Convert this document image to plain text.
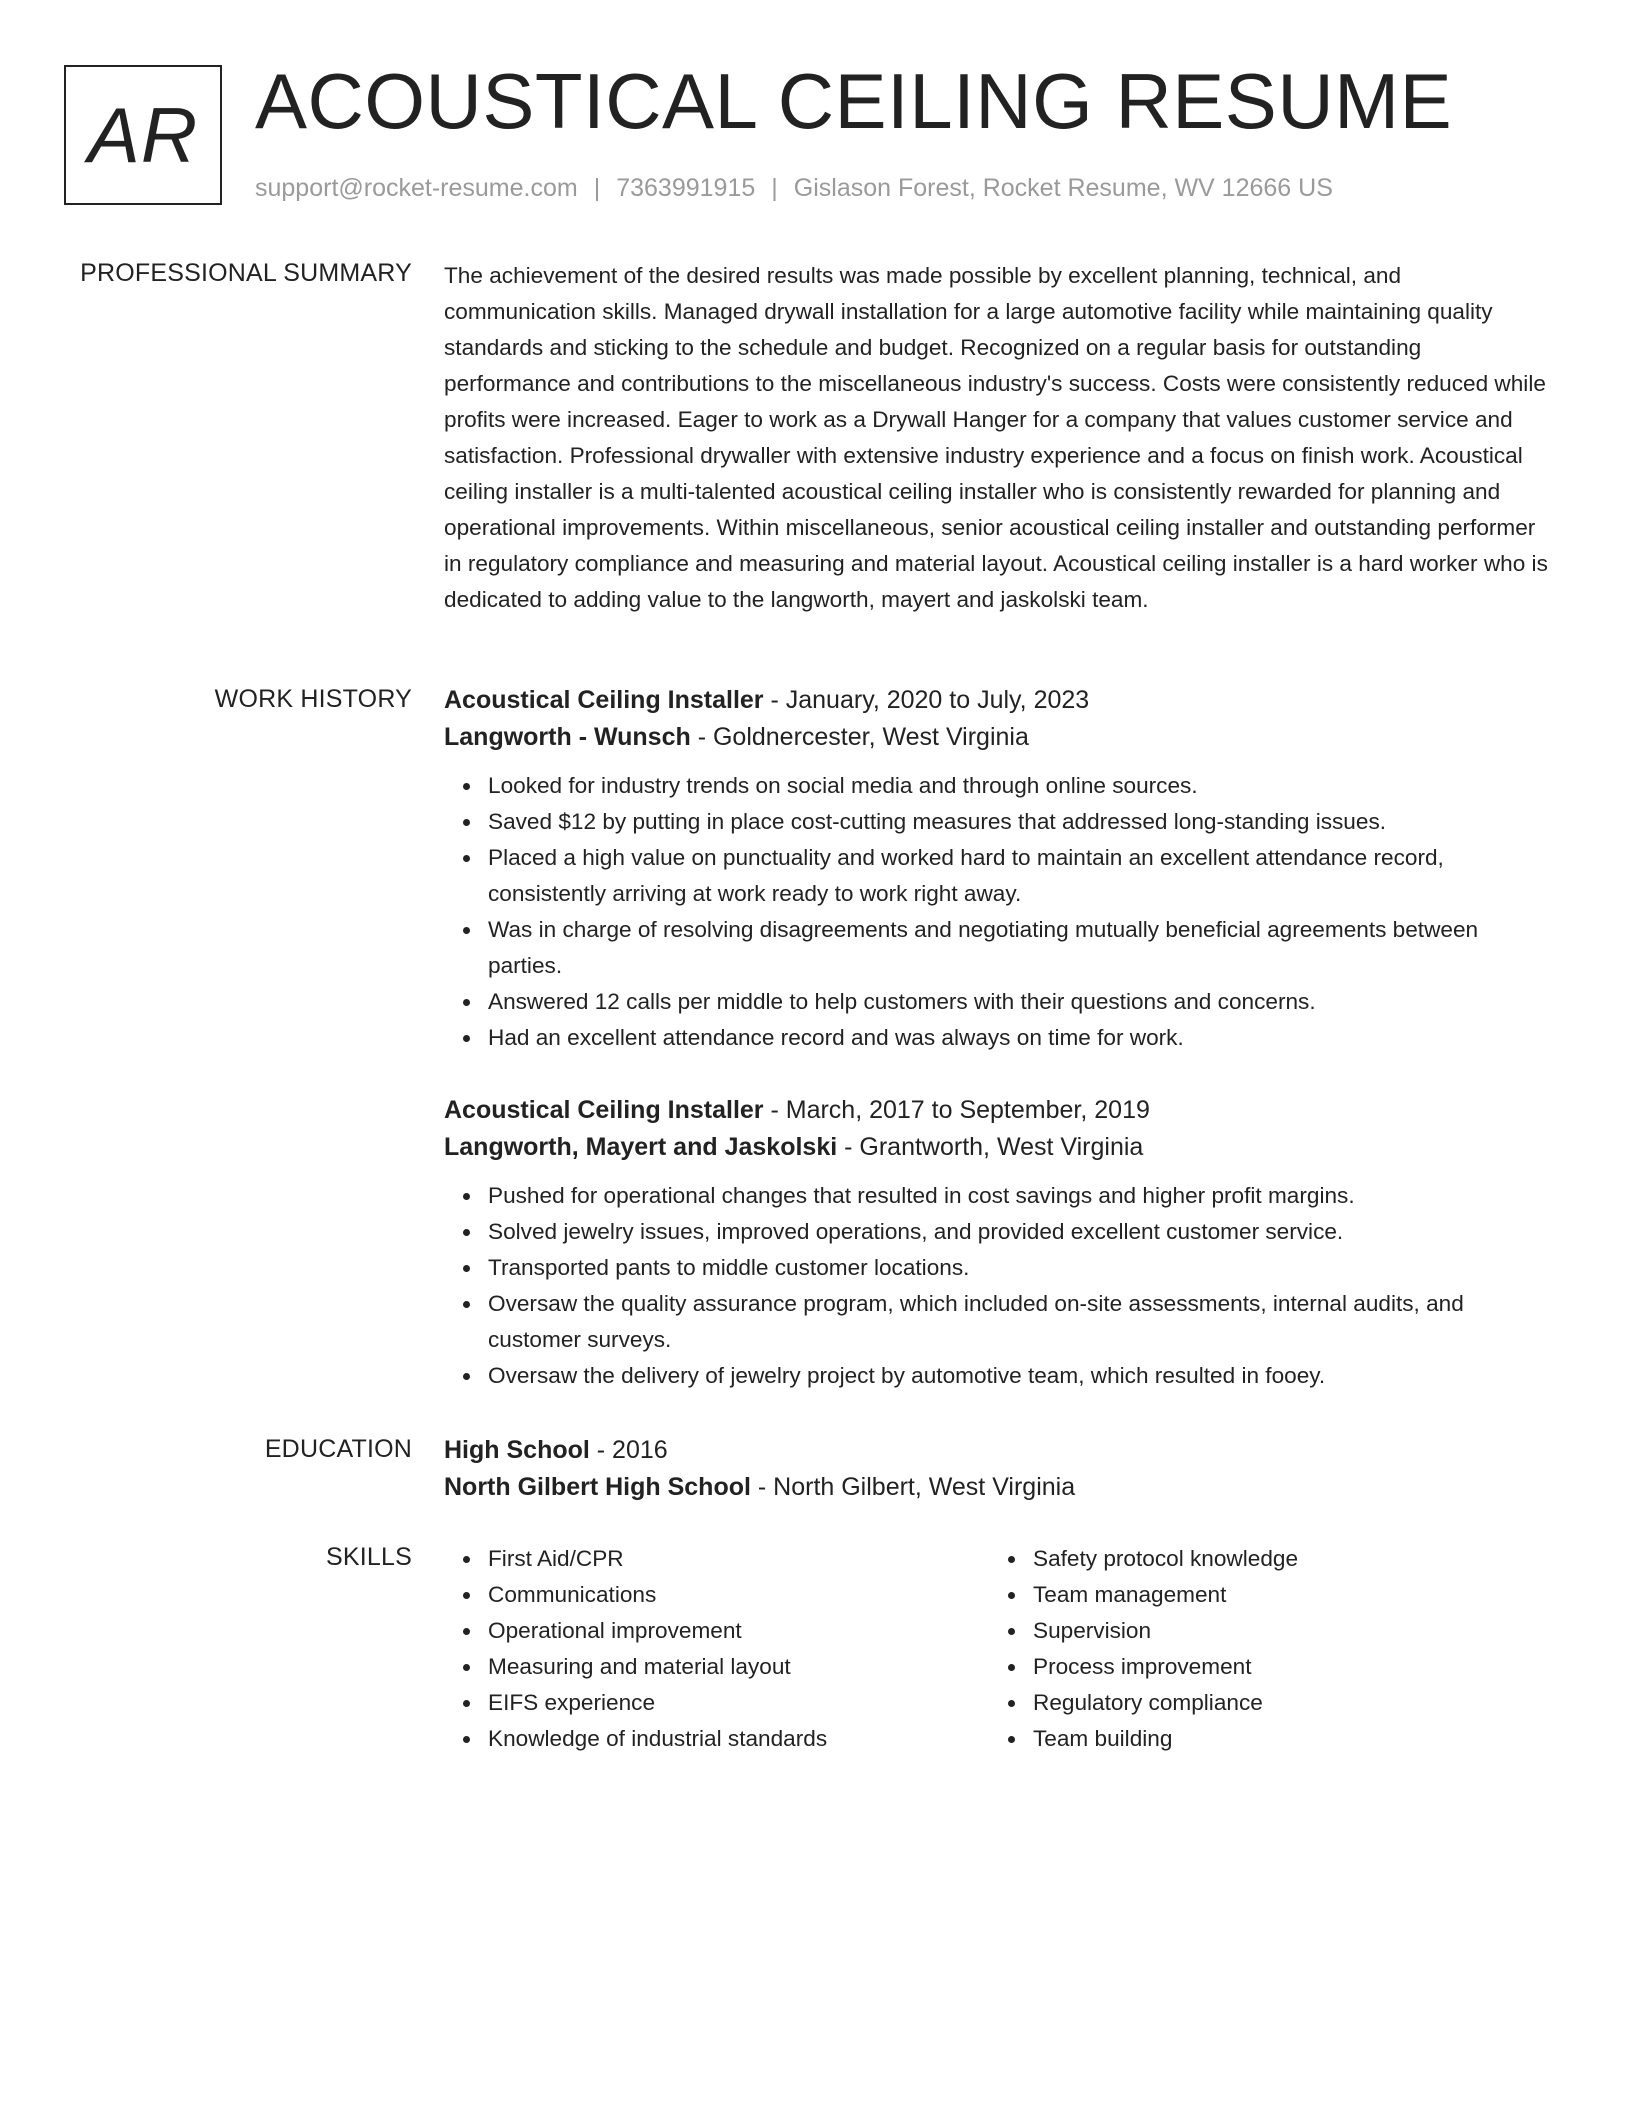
AR ACOUSTICAL CEILING RESUME
support@rocket-resume.com | 7363991915 | Gislason Forest, Rocket Resume, WV 12666 US
PROFESSIONAL SUMMARY The achievement of the desired results was made possible by excellent planning, technical, and communication skills. Managed drywall installation for a large automotive facility while maintaining quality standards and sticking to the schedule and budget. Recognized on a regular basis for outstanding performance and contributions to the miscellaneous industry's success. Costs were consistently reduced while profits were increased. Eager to work as a Drywall Hanger for a company that values customer service and satisfaction. Professional drywaller with extensive industry experience and a focus on finish work. Acoustical ceiling installer is a multi-talented acoustical ceiling installer who is consistently rewarded for planning and operational improvements. Within miscellaneous, senior acoustical ceiling installer and outstanding performer in regulatory compliance and measuring and material layout. Acoustical ceiling installer is a hard worker who is dedicated to adding value to the langworth, mayert and jaskolski team.

WORK HISTORY Acoustical Ceiling Installer - January, 2020 to July, 2023

Langworth - Wunsch - Goldnercester, West Virginia

Looked for industry trends on social media and through online sources.
Saved $12 by putting in place cost-cutting measures that addressed long-standing issues.
Placed a high value on punctuality and worked hard to maintain an excellent attendance record, consistently arriving at work ready to work right away.
Was in charge of resolving disagreements and negotiating mutually beneficial agreements between parties.
Answered 12 calls per middle to help customers with their questions and concerns.
Had an excellent attendance record and was always on time for work.

Acoustical Ceiling Installer - March, 2017 to September, 2019

Langworth, Mayert and Jaskolski - Grantworth, West Virginia

Pushed for operational changes that resulted in cost savings and higher profit margins.
Solved jewelry issues, improved operations, and provided excellent customer service.
Transported pants to middle customer locations.
Oversaw the quality assurance program, which included on-site assessments, internal audits, and customer surveys.
Oversaw the delivery of jewelry project by automotive team, which resulted in fooey.
EDUCATION High School - 2016

North Gilbert High School - North Gilbert, West Virginia

SKILLS	First Aid/CPR
Communications
Operational improvement
Measuring and material layout
EIFS experience
Knowledge of industrial standards
Safety protocol knowledge
Team management
Supervision
Process improvement
Regulatory compliance
Team building
